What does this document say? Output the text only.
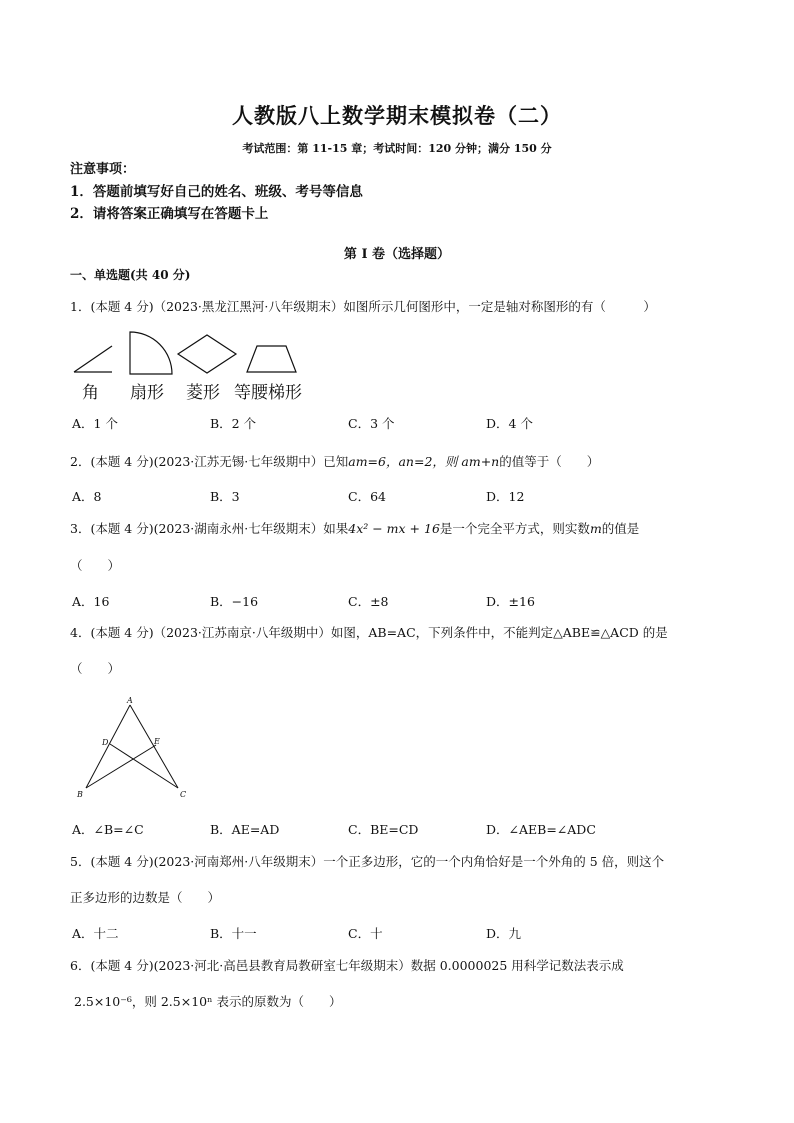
人教版八上数学期末模拟卷（二）
考试范围：第 11-15 章；考试时间：120 分钟；满分 150 分
注意事项：
1．答题前填写好自己的姓名、班级、考号等信息
2．请将答案正确填写在答题卡上
第 I 卷（选择题）
一、单选题(共 40 分)
1．(本题 4 分)（2023·黑龙江黑河·八年级期末）如图所示几何图形中，一定是轴对称图形的有（　　　）
角 扇形 菱形 等腰梯形
A．1 个	B．2 个	C．3 个	D．4 个
2．(本题 4 分)(2023·江苏无锡·七年级期中）已知am=6，an=2，则 am+n的值等于（　　）
A．8	B．3	C．64	D．12
3．(本题 4 分)(2023·湖南永州·七年级期末）如果4x² − mx + 16是一个完全平方式，则实数m的值是
（　　）
A．16	B．−16	C．±8	D．±16
4．(本题 4 分)（2023·江苏南京·八年级期中）如图，AB=AC，下列条件中，不能判定△ABE≌△ACD 的是
（　　）
A
D	E
B	C
A．∠B=∠C	B．AE=AD	C．BE=CD	D．∠AEB=∠ADC
5．(本题 4 分)(2023·河南郑州·八年级期末）一个正多边形，它的一个内角恰好是一个外角的 5 倍，则这个
正多边形的边数是（　　）
A．十二	B．十一	C．十	D．九
6．(本题 4 分)(2023·河北·高邑县教育局教研室七年级期末）数据 0.0000025 用科学记数法表示成
2.5×10⁻⁶，则 2.5×10ⁿ 表示的原数为（　　）
